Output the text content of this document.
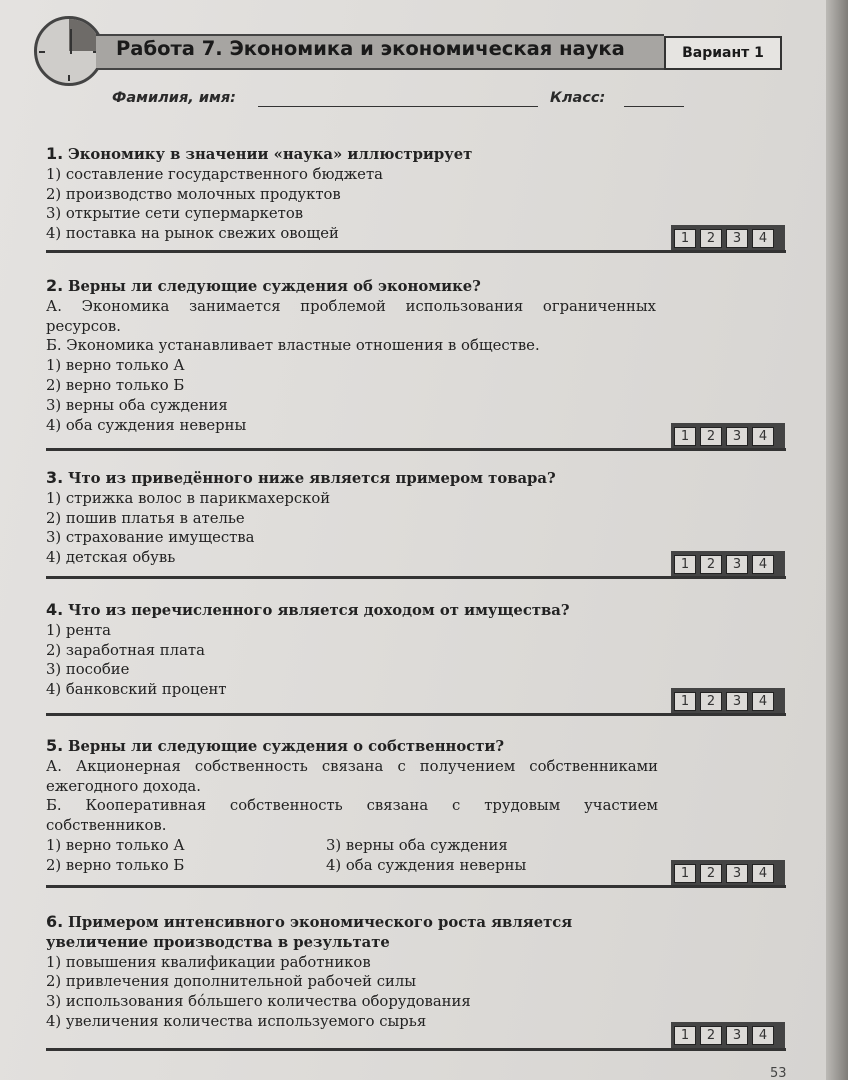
Работа 7. Экономика и экономическая наука	Вариант 1
Фамилия, имя:	Класс:
1. Экономику в значении «наука» иллюстрирует
1) составление государственного бюджета
2) производство молочных продуктов
3) открытие сети супермаркетов
4) поставка на рынок свежих овощей	1	2	3	4
2. Верны ли следующие суждения об экономике?
А. Экономика занимается проблемой использования ограниченных ресурсов.
Б. Экономика устанавливает властные отношения в обществе.
1) верно только А
2) верно только Б
3) верны оба суждения
4) оба суждения неверны
1	2	3	4
3. Что из приведённого ниже является примером товара?
1) стрижка волос в парикмахерской
2) пошив платья в ателье
3) страхование имущества
4) детская обувь	1	2	3	4
4. Что из перечисленного является доходом от имущества?
1) рента
2) заработная плата
3) пособие
4) банковский процент
1	2	3	4
5. Верны ли следующие суждения о собственности?
А. Акционерная собственность связана с получением собственниками ежегодного дохода.
Б. Кооперативная собственность связана с трудовым участием собственников.
1) верно только А	3) верны оба суждения
2) верно только Б	4) оба суждения неверны	1	2	3	4
6. Примером интенсивного экономического роста является увеличение производства в результате
1) повышения квалификации работников
2) привлечения дополнительной рабочей силы
3) использования бóльшего количества оборудования
4) увеличения количества используемого сырья
1	2	3	4
53
